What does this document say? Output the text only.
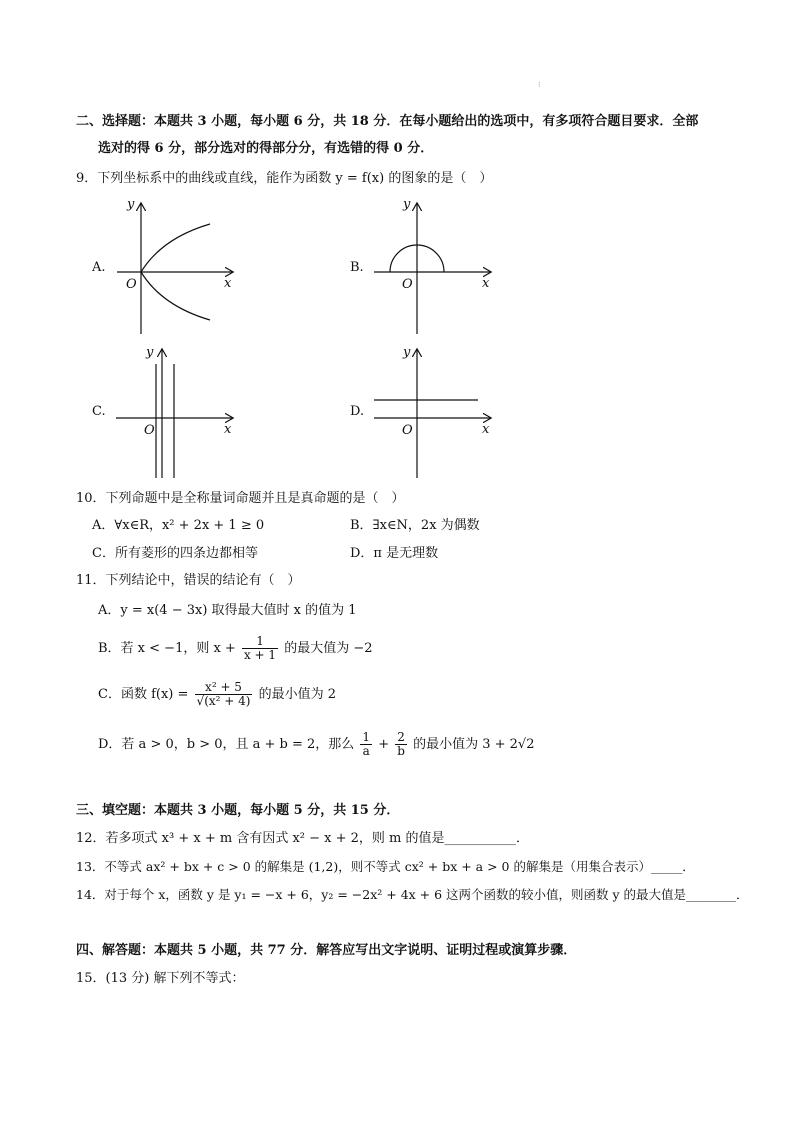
⁝
二、选择题：本题共 3 小题，每小题 6 分，共 18 分．在每小题给出的选项中，有多项符合题目要求．全部
选对的得 6 分，部分选对的得部分分，有选错的得 0 分．
9．下列坐标系中的曲线或直线，能作为函数 y = f(x) 的图象的是（　）
A.	B.
C.	D.
y
x
O
y
x
O
y
x
O
y
x
O
10．下列命题中是全称量词命题并且是真命题的是（　）
A．∀x∈R，x² + 2x + 1 ≥ 0	B．∃x∈N，2x 为偶数
C．所有菱形的四条边都相等	D．π 是无理数
11．下列结论中，错误的结论有（　）
A．y = x(4 − 3x) 取得最大值时 x 的值为 1
B．若 x < −1，则 $x + \frac{1}{x + 1}$ 的最大值为 −2
C．函数 $f(x) = \frac{\text{x² + 5}}{\text{√(x² + 4)}}$ 的最小值为 2
D．若 a > 0，b > 0，且 a + b = 2，那么 $\frac{1}{a} + \frac{2}{b}$ 的最小值为 3 + 2√2
三、填空题：本题共 3 小题，每小题 5 分，共 15 分．
12．若多项式 x³ + x + m 含有因式 x² − x + 2，则 m 的值是___________．
13．不等式 ax² + bx + c > 0 的解集是 (1,2)，则不等式 cx² + bx + a > 0 的解集是（用集合表示）_____．
14．对于每个 x，函数 y 是 y₁ = −x + 6，y₂ = −2x² + 4x + 6 这两个函数的较小值，则函数 y 的最大值是________．
四、解答题：本题共 5 小题，共 77 分．解答应写出文字说明、证明过程或演算步骤．
15．(13 分) 解下列不等式：
